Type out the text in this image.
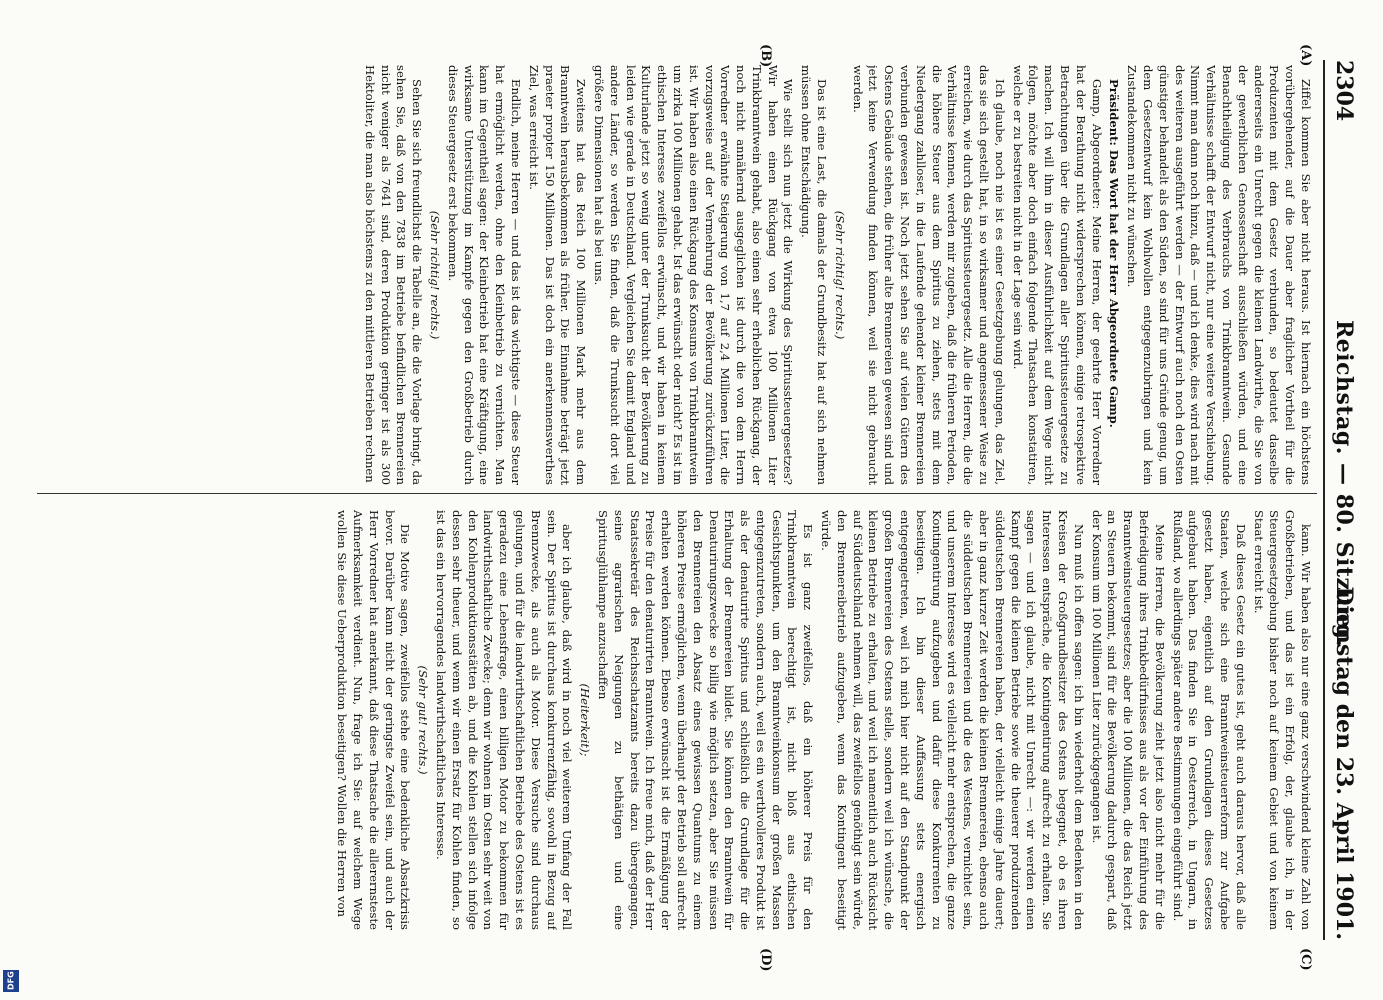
DFG
2304
Reichstag. — 80. Sitzung.
Dienstag den 23. April 1901.
(A)
(B)
(C)
(D)

Ziffel kommen Sie aber nicht heraus. Ist hiernach ein höchstens vorübergehender, auf die Dauer aber fraglicher Vortheil für die Produzenten mit dem Gesetz verbunden, so bedeutet dasselbe andererseits ein Unrecht gegen die kleinen Landwirthe, die Sie von der gewerblichen Genossenschaft ausschließen würden, und eine Benachtheiligung des Verbrauchs von Trinkbranntwein. Gesunde Verhältnisse schafft der Entwurf nicht, nur eine weitere Verschiebung. Nimmt man dann noch hinzu, daß — und ich denke, dies wird nach mit des weiteren ausgeführt werden — der Entwurf auch noch den Osten günstiger behandelt als den Süden, so sind für uns Gründe genug, um dem Gesetzentwurf kein Wohlwollen entgegenzubringen und kein Zustandekommen nicht zu wünschen.

Präsident: Das Wort hat der Herr Abgeordnete Gamp.

Gamp, Abgeordneter: Meine Herren, der geehrte Herr Vorredner hat der Berathung nicht widersprechen können, einige retrospektive Betrachtungen über die Grundlagen aller Spiritussteuergesetze zu machen. Ich will ihm in dieser Ausführlichkeit auf dem Wege nicht folgen, möchte aber doch einfach folgende Thatsachen konstatiren, welche er zu bestreiten nicht in der Lage sein wird.

Ich glaube, noch nie ist es einer Gesetzgebung gelungen, das Ziel, das sie sich gestellt hat, in so wirksamer und angemessener Weise zu erreichen, wie durch das Spiritussteuergesetz. Alle die Herren, die die Verhältnisse kennen, werden mir zugeben, daß die früheren Perioden, die höhere Steuer aus dem Spiritus zu ziehen, stets mit dem Niedergang zahlloser, in die Laufende gehender kleiner Brennereien verbunden gewesen ist. Noch jetzt sehen Sie auf vielen Gütern des Ostens Gebäude stehen, die früher alte Brennereien gewesen sind und jetzt keine Verwendung finden können, weil sie nicht gebraucht werden.

(Sehr richtig! rechts.)

Das ist eine Last, die damals der Grundbesitz hat auf sich nehmen müssen ohne Entschädigung.

Wie stellt sich nun jetzt die Wirkung des Spiritussteuergesetzes? Wir haben einen Rückgang von etwa 100 Millionen Liter Trinkbranntwein gehabt, also einen sehr erheblichen Rückgang, der noch nicht annähernd ausgeglichen ist durch die von dem Herrn Vorredner erwähnte Steigerung von 1,7 auf 2,4 Millionen Liter, die vorzugsweise auf der Vermehrung der Bevölkerung zurückzuführen ist. Wir haben also einen Rückgang des Konsums von Trinkbranntwein um zirka 100 Millionen gehabt. Ist das erwünscht oder nicht? Es ist im ethischen Interesse zweifellos erwünscht, und wir haben in keinem Kulturlande jetzt so wenig unter der Trunksucht der Bevölkerung zu leiden wie gerade in Deutschland. Vergleichen Sie damit England und andere Länder, so werden Sie finden, daß die Trunksucht dort viel größere Dimensionen hat als bei uns.

Zweitens hat das Reich 100 Millionen Mark mehr aus dem Branntwein herausbekommen als früher. Die Einnahme beträgt jetzt praeter propter 150 Millionen. Das ist doch ein anerkennenswerthes Ziel, was erreicht ist.

Endlich, meine Herren — und das ist das wichtigste — diese Steuer hat ermöglicht werden, ohne den Kleinbetrieb zu vernichten. Man kann im Gegentheil sagen: der Kleinbetrieb hat eine Kräftigung, eine wirksame Unterstützung im Kampfe gegen den Großbetrieb durch dieses Steuergesetz erst bekommen.

(Sehr richtig! rechts.)

Sehen Sie sich freundlichst die Tabelle an, die die Vorlage bringt, da sehen Sie, daß von den 7838 im Betriebe befindlichen Brennereien nicht weniger als 7641 sind, deren Produktion geringer ist als 300 Hektoliter, die man also höchstens zu den mittleren Betrieben rechnen

kann. Wir haben also nur eine ganz verschwindend kleine Zahl von Großbetrieben, und das ist ein Erfolg, der, glaube ich, in der Steuergesetzgebung bisher noch auf keinem Gebiet und von keinem Staat erreicht ist.

Daß dieses Gesetz ein gutes ist, geht auch daraus hervor, daß alle Staaten, welche sich eine Branntweinsteuerreform zur Aufgabe gesetzt haben, eigentlich auf den Grundlagen dieses Gesetzes aufgebaut haben. Das finden Sie in Oesterreich, in Ungarn, in Rußland, wo allerdings später andere Bestimmungen eingeführt sind.

Meine Herren, die Bevölkerung zieht jetzt also nicht mehr für die Befriedigung ihres Trinkbedürfnisses aus als vor der Einführung des Branntweinsteuergesetzes; aber die 100 Millionen, die das Reich jetzt an Steuern bekommt, sind für die Bevölkerung dadurch gespart, daß der Konsum um 100 Millionen Liter zurückgegangen ist.

Nun muß ich offen sagen: ich bin wiederholt dem Bedenken in den Kreisen der Großgrundbesitzer des Ostens begegnet, ob es ihren Interessen entspräche, die Kontingentirung aufrecht zu erhalten. Sie sagen — und ich glaube, nicht mit Unrecht —: wir werden einen Kampf gegen die kleinen Betriebe sowie die theuerer produzirenden süddeutschen Brennereien haben, der vielleicht einige Jahre dauert; aber in ganz kurzer Zeit werden die kleinen Brennereien, ebenso auch die süddeutschen Brennereien und die des Westens, vernichtet sein, und unserem Interesse wird es vielleicht mehr entsprechen, die ganze Kontingentirung aufzugeben und dafür diese Konkurrenten zu beseitigen. Ich bin dieser Auffassung stets energisch entgegengetreten, weil ich mich hier nicht auf den Standpunkt der großen Brennereien des Ostens stelle, sondern weil ich wünsche, die kleinen Betriebe zu erhalten, und weil ich namentlich auch Rücksicht auf Süddeutschland nehmen will, das zweifellos genöthigt sein würde, den Brennereibetrieb aufzugeben, wenn das Kontingent beseitigt würde.

Es ist ganz zweifellos, daß ein höherer Preis für den Trinkbranntwein berechtigt ist, nicht bloß aus ethischen Gesichtspunkten, um den Branntweinkonsum der großen Massen entgegenzutreten, sondern auch, weil es ein werthvolleres Produkt ist als der denaturirte Spiritus und schließlich die Grundlage für die Erhaltung der Brennereien bildet. Sie können den Branntwein für Denaturirungszwecke so billig wie möglich setzen, aber Sie müssen den Brennereien den Absatz eines gewissen Quantums zu einem höheren Preise ermöglichen, wenn überhaupt der Betrieb soll aufrecht erhalten werden können. Ebenso erwünscht ist die Ermäßigung der Preise für den denaturirten Branntwein. Ich freue mich, daß der Herr Staatssekretär des Reichsschatzamts bereits dazu übergegangen, seine agrarischen Neigungen zu bethätigen und eine Spiritusglühlampe anzuschaffen

(Heiterkeit);

aber ich glaube, daß wird in noch viel weiterem Umfang der Fall sein. Der Spiritus ist durchaus konkurrenzfähig, sowohl in Bezug auf Brennzwecke, als auch als Motor. Diese Versuche sind durchaus gelungen, und für die landwirthschaftlichen Betriebe des Ostens ist es geradezu eine Lebensfrage, einen billigen Motor zu bekommen für landwirthschaftliche Zwecke; denn wir wohnen im Osten sehr weit von den Kohlenproduktionsstätten ab, und die Kohlen stellen sich infolge dessen sehr theuer, und wenn wir einen Ersatz für Kohlen finden, so ist das ein hervorragendes landwirthschaftliches Interesse.

(Sehr gut! rechts.)

Die Motive sagen, zweifellos stehe eine bedenkliche Absatzkrisis bevor. Darüber kann nicht der geringste Zweifel sein, und auch der Herr Vorredner hat anerkannt, daß diese Thatsache die allerernsteste Aufmerksamkeit verdient. Nun, frage ich Sie: auf welchem Wege wollen Sie diese Ueberproduktion beseitigen? Wollen die Herren von
